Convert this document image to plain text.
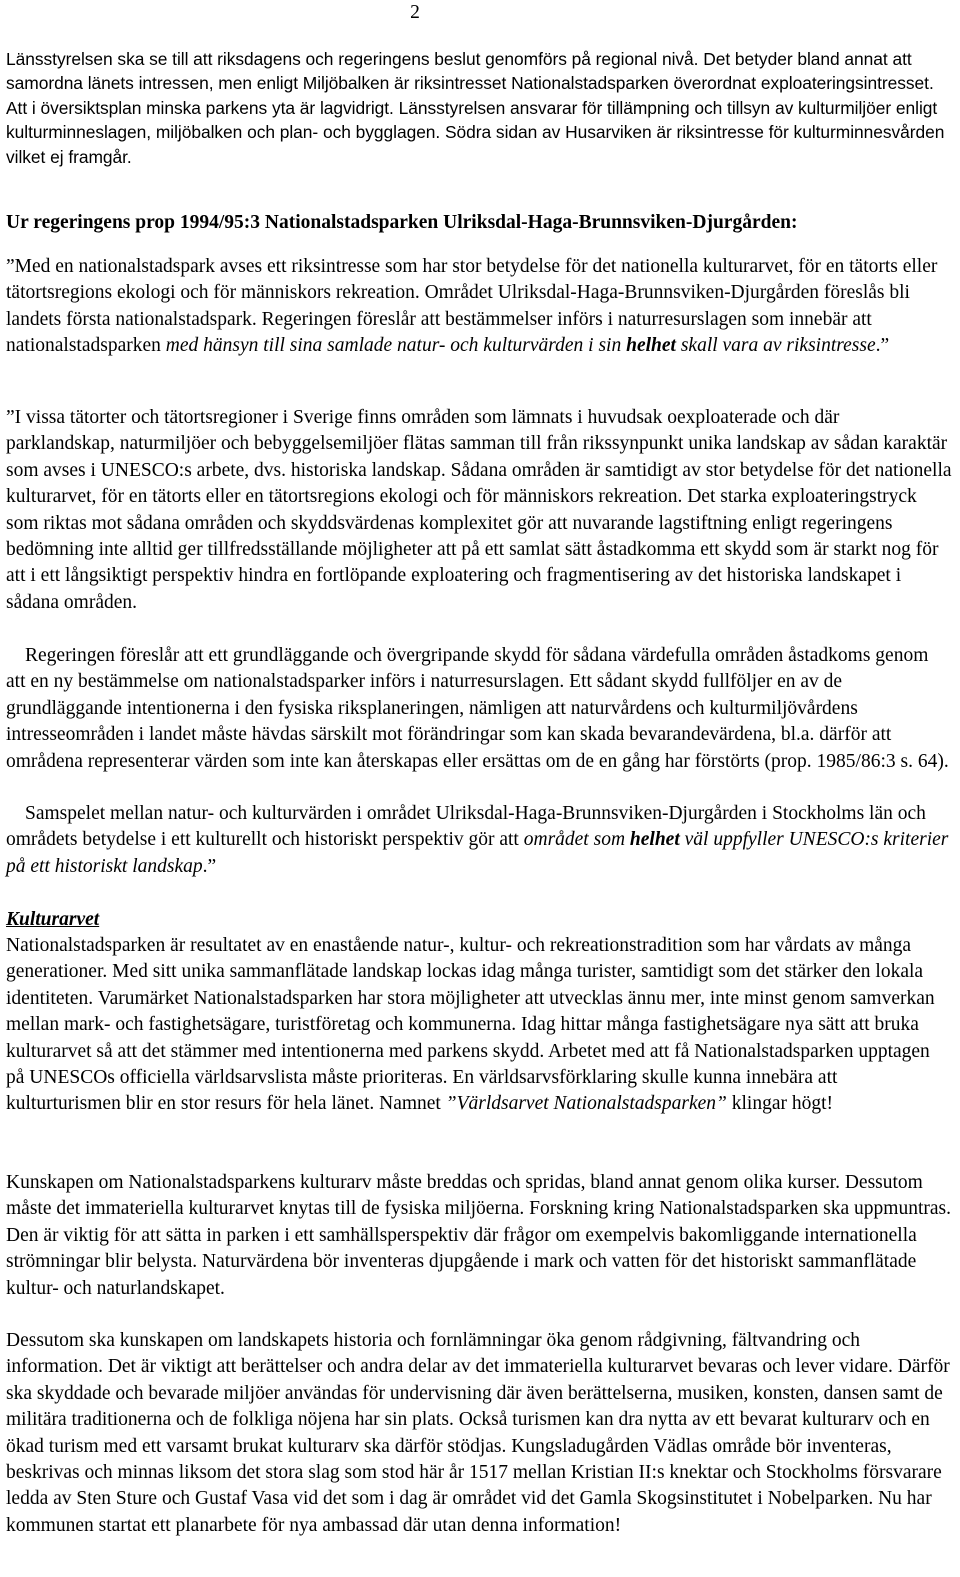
2

Länsstyrelsen ska se till att riksdagens och regeringens beslut genomförs på regional nivå. Det betyder bland annat att samordna länets intressen, men enligt Miljöbalken är riksintresset Nationalstadsparken överordnat exploateringsintresset. Att i översiktsplan minska parkens yta är lagvidrigt. Länsstyrelsen ansvarar för tillämpning och tillsyn av kulturmiljöer enligt kulturminneslagen, miljöbalken och plan- och bygglagen. Södra sidan av Husarviken är riksintresse för kulturminnesvården vilket ej framgår.

Ur regeringens prop 1994/95:3 Nationalstadsparken Ulriksdal-Haga-Brunnsviken-Djurgården:

”Med en nationalstadspark avses ett riksintresse som har stor betydelse för det nationella kulturarvet, för en tätorts eller tätortsregions ekologi och för människors rekreation. Området Ulriksdal-Haga-Brunnsviken-Djurgården föreslås bli landets första nationalstadspark. Regeringen föreslår att bestämmelser införs i naturresurslagen som innebär att nationalstadsparken med hänsyn till sina samlade natur- och kulturvärden i sin helhet skall vara av riksintresse.”

”I vissa tätorter och tätortsregioner i Sverige finns områden som lämnats i huvudsak oexploaterade och där parklandskap, naturmiljöer och bebyggelsemiljöer flätas samman till från rikssynpunkt unika landskap av sådan karaktär som avses i UNESCO:s arbete, dvs. historiska landskap. Sådana områden är samtidigt av stor betydelse för det nationella kulturarvet, för en tätorts eller en tätortsregions ekologi och för människors rekreation. Det starka exploateringstryck som riktas mot sådana områden och skyddsvärdenas komplexitet gör att nuvarande lagstiftning enligt regeringens bedömning inte alltid ger tillfredsställande möjligheter att på ett samlat sätt åstadkomma ett skydd som är starkt nog för att i ett långsiktigt perspektiv hindra en fortlöpande exploatering och fragmentisering av det historiska landskapet i sådana områden.

Regeringen föreslår att ett grundläggande och övergripande skydd för sådana värdefulla områden åstadkoms genom att en ny bestämmelse om nationalstadsparker införs i naturresurslagen. Ett sådant skydd fullföljer en av de grundläggande intentionerna i den fysiska riksplaneringen, nämligen att naturvårdens och kulturmiljövårdens intresseområden i landet måste hävdas särskilt mot förändringar som kan skada bevarandevärdena, bl.a. därför att områdena representerar värden som inte kan återskapas eller ersättas om de en gång har förstörts (prop. 1985/86:3 s. 64).

Samspelet mellan natur- och kulturvärden i området Ulriksdal-Haga-Brunnsviken-Djurgården i Stockholms län och områdets betydelse i ett kulturellt och historiskt perspektiv gör att området som helhet väl uppfyller UNESCO:s kriterier på ett historiskt landskap.”

Kulturarvet

Nationalstadsparken är resultatet av en enastående natur-, kultur- och rekreationstradition som har vårdats av många generationer. Med sitt unika sammanflätade landskap lockas idag många turister, samtidigt som det stärker den lokala identiteten. Varumärket Nationalstadsparken har stora möjligheter att utvecklas ännu mer, inte minst genom samverkan mellan mark- och fastighetsägare, turistföretag och kommunerna. Idag hittar många fastighetsägare nya sätt att bruka kulturarvet så att det stämmer med intentionerna med parkens skydd. Arbetet med att få Nationalstadsparken upptagen på UNESCOs officiella världsarvslista måste prioriteras. En världsarvsförklaring skulle kunna innebära att kulturturismen blir en stor resurs för hela länet. Namnet ”Världsarvet Nationalstadsparken” klingar högt!

Kunskapen om Nationalstadsparkens kulturarv måste breddas och spridas, bland annat genom olika kurser. Dessutom måste det immateriella kulturarvet knytas till de fysiska miljöerna. Forskning kring Nationalstadsparken ska uppmuntras. Den är viktig för att sätta in parken i ett samhällsperspektiv där frågor om exempelvis bakomliggande internationella strömningar blir belysta. Naturvärdena bör inventeras djupgående i mark och vatten för det historiskt sammanflätade kultur- och naturlandskapet.

Dessutom ska kunskapen om landskapets historia och fornlämningar öka genom rådgivning, fältvandring och information. Det är viktigt att berättelser och andra delar av det immateriella kulturarvet bevaras och lever vidare. Därför ska skyddade och bevarade miljöer användas för undervisning där även berättelserna, musiken, konsten, dansen samt de militära traditionerna och de folkliga nöjena har sin plats. Också turismen kan dra nytta av ett bevarat kulturarv och en ökad turism med ett varsamt brukat kulturarv ska därför stödjas. Kungsladugården Vädlas område bör inventeras, beskrivas och minnas liksom det stora slag som stod här år 1517 mellan Kristian II:s knektar och Stockholms försvarare ledda av Sten Sture och Gustaf Vasa vid det som i dag är området vid det Gamla Skogsinstitutet i Nobelparken. Nu har kommunen startat ett planarbete för nya ambassad där utan denna information!
